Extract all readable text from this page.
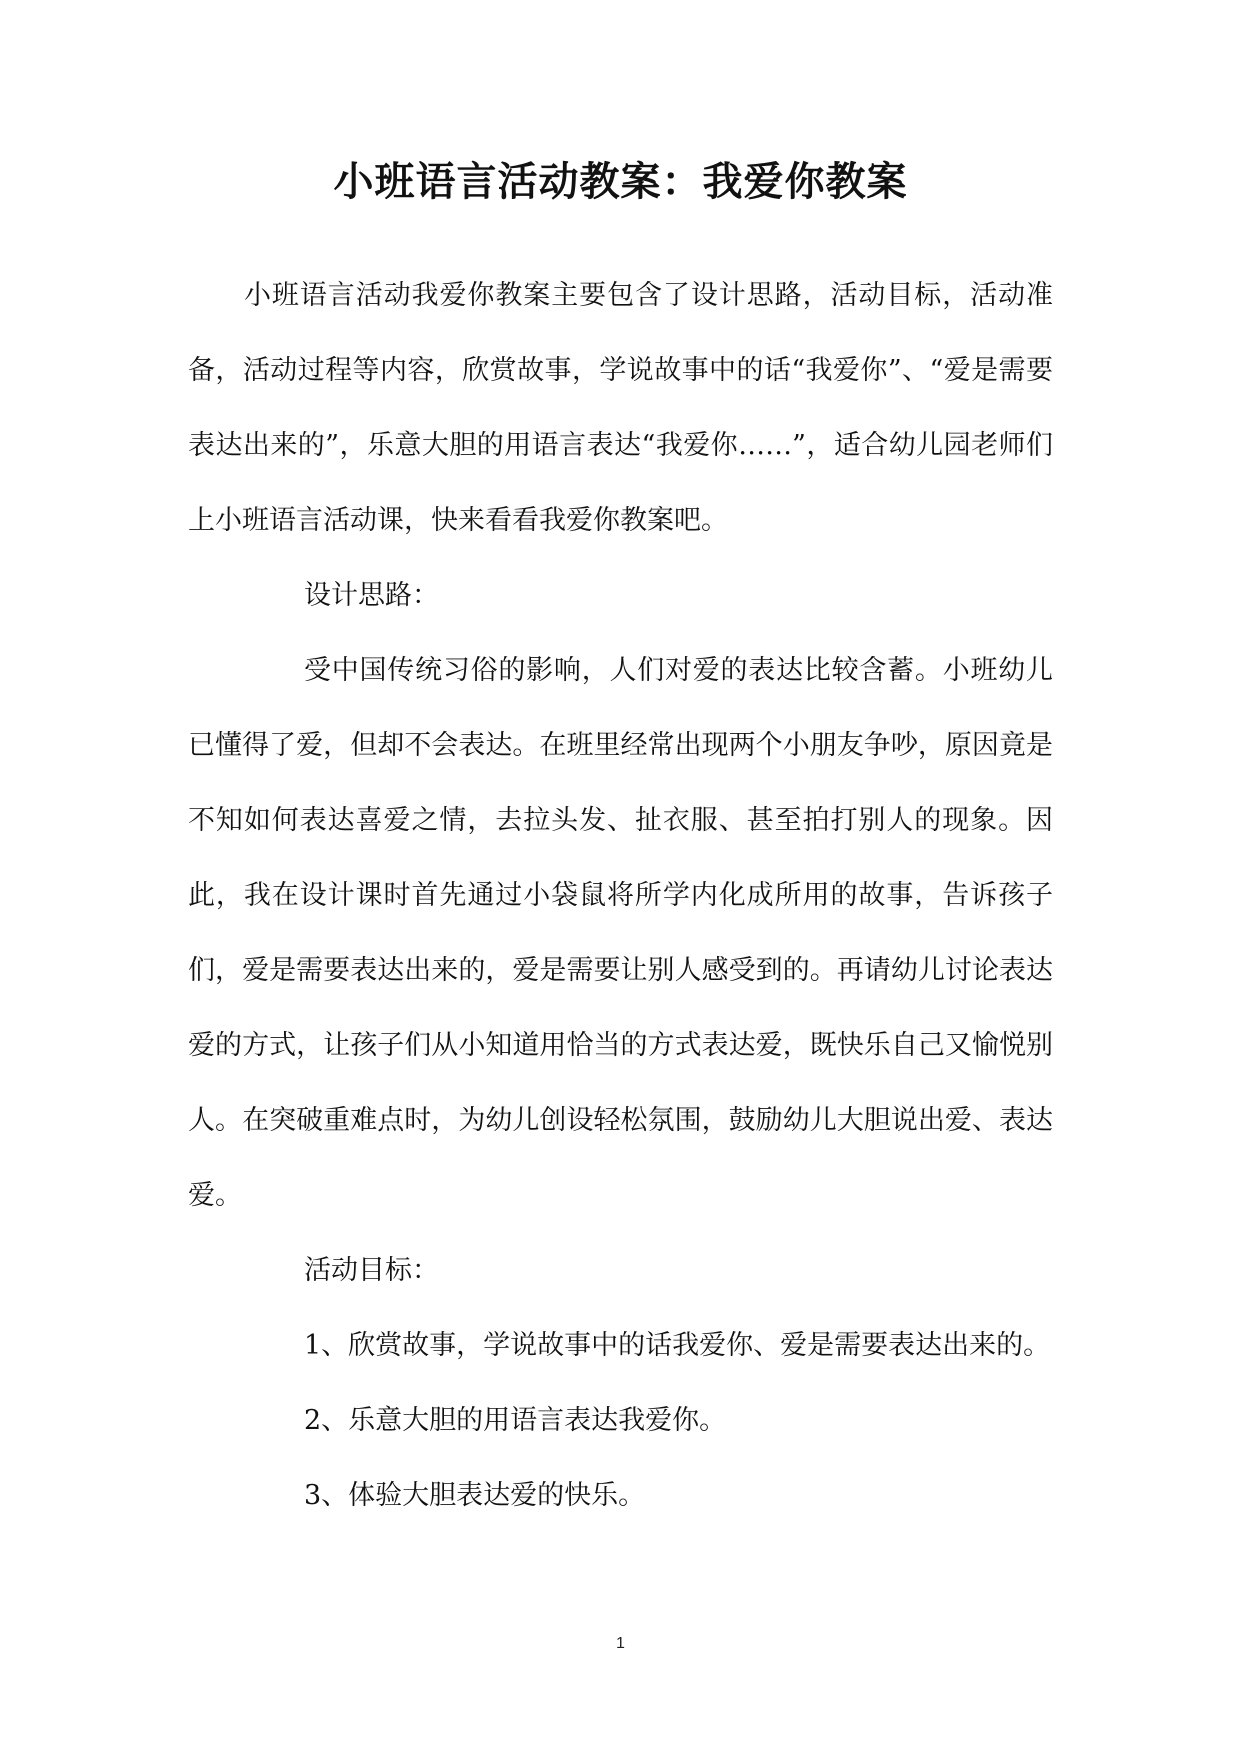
小班语言活动教案：我爱你教案

小班语言活动我爱你教案主要包含了设计思路，活动目标，活动准备，活动过程等内容，欣赏故事，学说故事中的话“我爱你”、“爱是需要表达出来的”，乐意大胆的用语言表达“我爱你……”，适合幼儿园老师们上小班语言活动课，快来看看我爱你教案吧。

设计思路：

受中国传统习俗的影响，人们对爱的表达比较含蓄。小班幼儿已懂得了爱，但却不会表达。在班里经常出现两个小朋友争吵，原因竟是不知如何表达喜爱之情，去拉头发、扯衣服、甚至拍打别人的现象。因此，我在设计课时首先通过小袋鼠将所学内化成所用的故事，告诉孩子们，爱是需要表达出来的，爱是需要让别人感受到的。再请幼儿讨论表达爱的方式，让孩子们从小知道用恰当的方式表达爱，既快乐自己又愉悦别人。在突破重难点时，为幼儿创设轻松氛围，鼓励幼儿大胆说出爱、表达爱。

活动目标：

1、欣赏故事，学说故事中的话我爱你、爱是需要表达出来的。

2、乐意大胆的用语言表达我爱你。

3、体验大胆表达爱的快乐。

1
